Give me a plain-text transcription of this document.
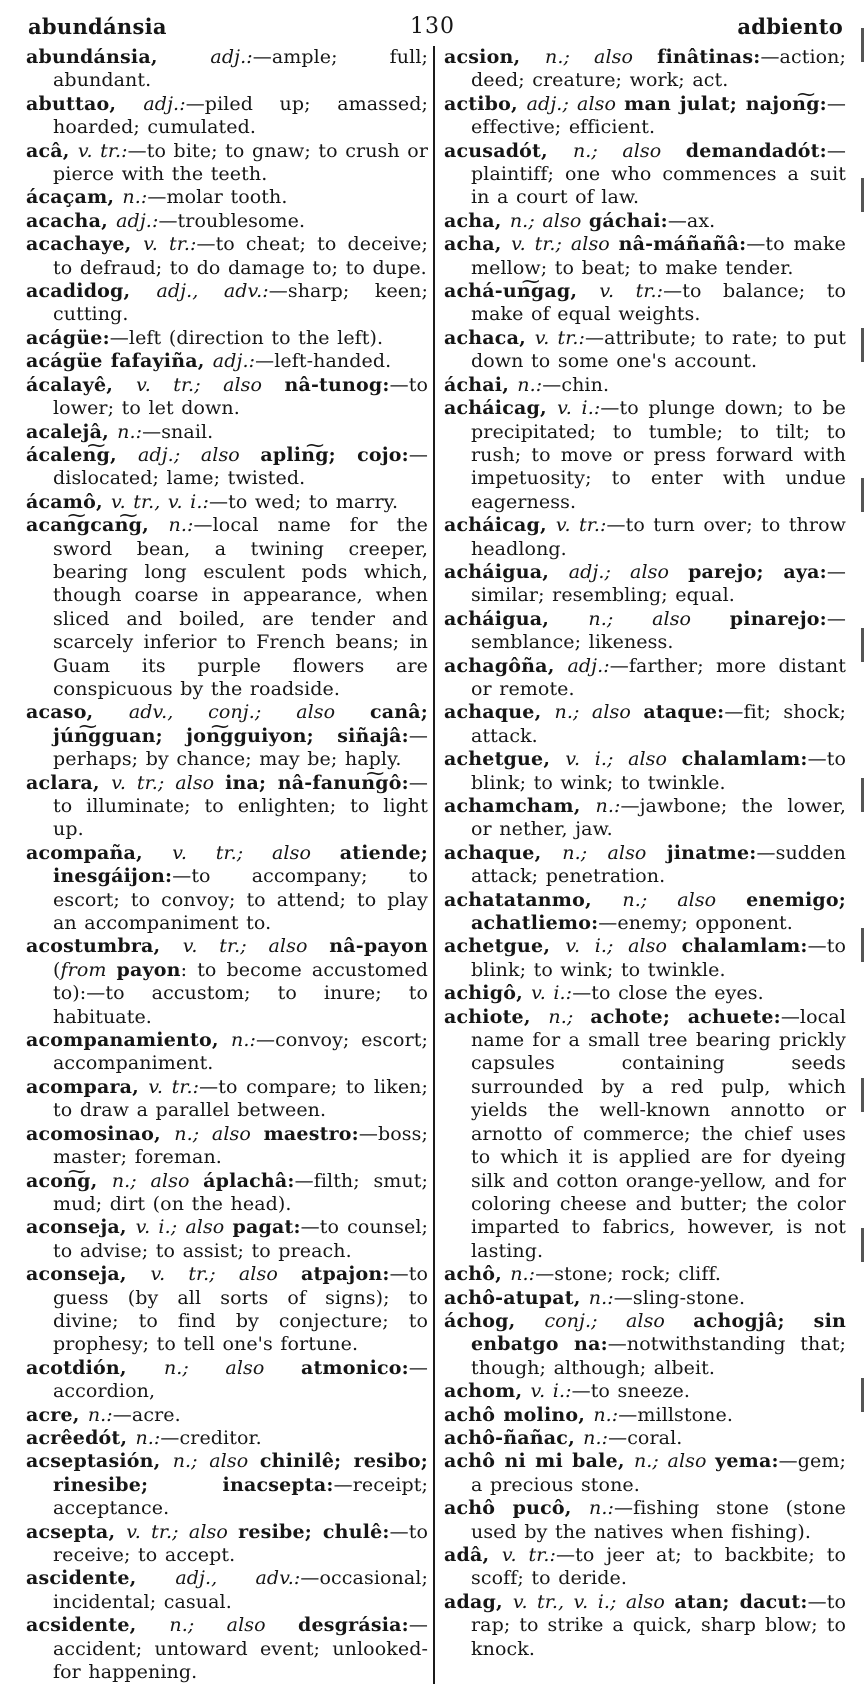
abundánsia	130	adbiento

abundánsia, adj.:—ample; full; abundant.

abuttao, adj.:—piled up; amassed; hoarded; cumulated.

acâ, v. tr.:—to bite; to gnaw; to crush or pierce with the teeth.

ácaçam, n.:—molar tooth.

acacha, adj.:—troublesome.

acachaye, v. tr.:—to cheat; to deceive; to defraud; to do damage to; to dupe.

acadidog, adj., adv.:—sharp; keen; cutting.

acágüe:—left (direction to the left).

acágüe fafayiña, adj.:—left-handed.

ácalayê, v. tr.; also nâ-tunog:—to lower; to let down.

acalejâ, n.:—snail.

ácalen͠g, adj.; also aplin͠g; cojo:—dislocated; lame; twisted.

ácamô, v. tr., v. i.:—to wed; to marry.

acan͠gcan͠g, n.:—local name for the sword bean, a twining creeper, bearing long esculent pods which, though coarse in appearance, when sliced and boiled, are tender and scarcely inferior to French beans; in Guam its purple flowers are conspicuous by the roadside.

acaso, adv., conj.; also canâ; jún͠gguan; jon͠gguiyon; siñajâ:—perhaps; by chance; may be; haply.

aclara, v. tr.; also ina; nâ-fanun͠gô:—to illuminate; to enlighten; to light up.

acompaña, v. tr.; also atiende; inesgáijon:—to accompany; to escort; to convoy; to attend; to play an accompaniment to.

acostumbra, v. tr.; also nâ-payon (from payon: to become accustomed to):—to accustom; to inure; to habituate.

acompanamiento, n.:—convoy; escort; accompaniment.

acompara, v. tr.:—to compare; to liken; to draw a parallel between.

acomosinao, n.; also maestro:—boss; master; foreman.

acon͠g, n.; also áplachâ:—filth; smut; mud; dirt (on the head).

aconseja, v. i.; also pagat:—to counsel; to advise; to assist; to preach.

aconseja, v. tr.; also atpajon:—to guess (by all sorts of signs); to divine; to find by conjecture; to prophesy; to tell one's fortune.

acotdión, n.; also atmonico:—accordion,

acre, n.:—acre.

acrêedót, n.:—creditor.

acseptasión, n.; also chinilê; resibo; rinesibe; inacsepta:—receipt; acceptance.

acsepta, v. tr.; also resibe; chulê:—to receive; to accept.

ascidente, adj., adv.:—occasional; incidental; casual.

acsidente, n.; also desgrásia:—accident; untoward event; unlooked-for happening.

acsion, n.; also finâtinas:—action; deed; creature; work; act.

actibo, adj.; also man julat; najon͠g:—effective; efficient.

acusadót, n.; also demandadót:—plaintiff; one who commences a suit in a court of law.

acha, n.; also gáchai:—ax.

acha, v. tr.; also nâ-máñañâ:—to make mellow; to beat; to make tender.

achá-un͠gag, v. tr.:—to balance; to make of equal weights.

achaca, v. tr.:—attribute; to rate; to put down to some one's account.

áchai, n.:—chin.

acháicag, v. i.:—to plunge down; to be precipitated; to tumble; to tilt; to rush; to move or press forward with impetuosity; to enter with undue eagerness.

acháicag, v. tr.:—to turn over; to throw headlong.

acháigua, adj.; also parejo; aya:—similar; resembling; equal.

acháigua, n.; also pinarejo:—semblance; likeness.

achagôña, adj.:—farther; more distant or remote.

achaque, n.; also ataque:—fit; shock; attack.

achetgue, v. i.; also chalamlam:—to blink; to wink; to twinkle.

achamcham, n.:—jawbone; the lower, or nether, jaw.

achaque, n.; also jinatme:—sudden attack; penetration.

achatatanmo, n.; also enemigo; achatliemo:—enemy; opponent.

achetgue, v. i.; also chalamlam:—to blink; to wink; to twinkle.

achigô, v. i.:—to close the eyes.

achiote, n.; achote; achuete:—local name for a small tree bearing prickly capsules containing seeds surrounded by a red pulp, which yields the well-known annotto or arnotto of commerce; the chief uses to which it is applied are for dyeing silk and cotton orange-yellow, and for coloring cheese and butter; the color imparted to fabrics, however, is not lasting.

achô, n.:—stone; rock; cliff.

achô-atupat, n.:—sling-stone.

áchog, conj.; also achogjâ; sin enbatgo na:—notwithstanding that; though; although; albeit.

achom, v. i.:—to sneeze.

achô molino, n.:—millstone.

achô-ñañac, n.:—coral.

achô ni mi bale, n.; also yema:—gem; a precious stone.

achô pucô, n.:—fishing stone (stone used by the natives when fishing).

adâ, v. tr.:—to jeer at; to backbite; to scoff; to deride.

adag, v. tr., v. i.; also atan; dacut:—to rap; to strike a quick, sharp blow; to knock.
